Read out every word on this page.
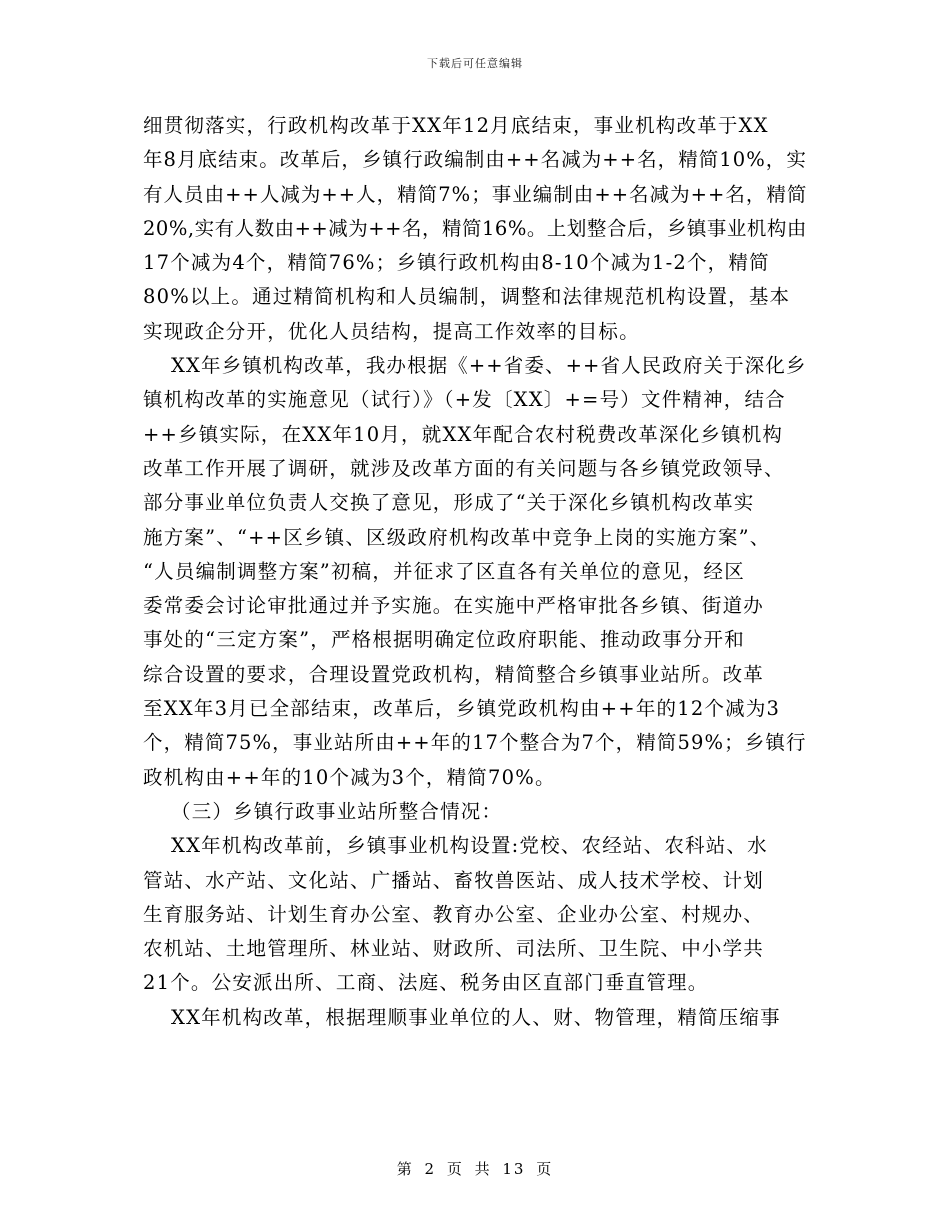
下载后可任意编辑
细贯彻落实，行政机构改革于XX年12月底结束，事业机构改革于XX
年8月底结束。改革后，乡镇行政编制由++名减为++名，精简10%，实
有人员由++人减为++人，精简7%；事业编制由++名减为++名，精简
20%,实有人数由++减为++名，精简16%。上划整合后，乡镇事业机构由
17个减为4个，精简76%；乡镇行政机构由8-10个减为1-2个，精简
80%以上。通过精简机构和人员编制，调整和法律规范机构设置，基本
实现政企分开，优化人员结构，提高工作效率的目标。
XX年乡镇机构改革，我办根据《++省委、++省人民政府关于深化乡
镇机构改革的实施意见（试行）》（+发〔XX〕+=号）文件精神，结合
++乡镇实际，在XX年10月，就XX年配合农村税费改革深化乡镇机构
改革工作开展了调研，就涉及改革方面的有关问题与各乡镇党政领导、
部分事业单位负责人交换了意见，形成了“关于深化乡镇机构改革实
施方案”、“++区乡镇、区级政府机构改革中竞争上岗的实施方案”、
“人员编制调整方案”初稿，并征求了区直各有关单位的意见，经区
委常委会讨论审批通过并予实施。在实施中严格审批各乡镇、街道办
事处的“三定方案”，严格根据明确定位政府职能、推动政事分开和
综合设置的要求，合理设置党政机构，精简整合乡镇事业站所。改革
至XX年3月已全部结束，改革后，乡镇党政机构由++年的12个减为3
个，精简75%，事业站所由++年的17个整合为7个，精简59%；乡镇行
政机构由++年的10个减为3个，精简70%。
（三）乡镇行政事业站所整合情况：
XX年机构改革前，乡镇事业机构设置:党校、农经站、农科站、水
管站、水产站、文化站、广播站、畜牧兽医站、成人技术学校、计划
生育服务站、计划生育办公室、教育办公室、企业办公室、村规办、
农机站、土地管理所、林业站、财政所、司法所、卫生院、中小学共
21个。公安派出所、工商、法庭、税务由区直部门垂直管理。
XX年机构改革，根据理顺事业单位的人、财、物管理，精简压缩事
第 2 页 共 13 页
